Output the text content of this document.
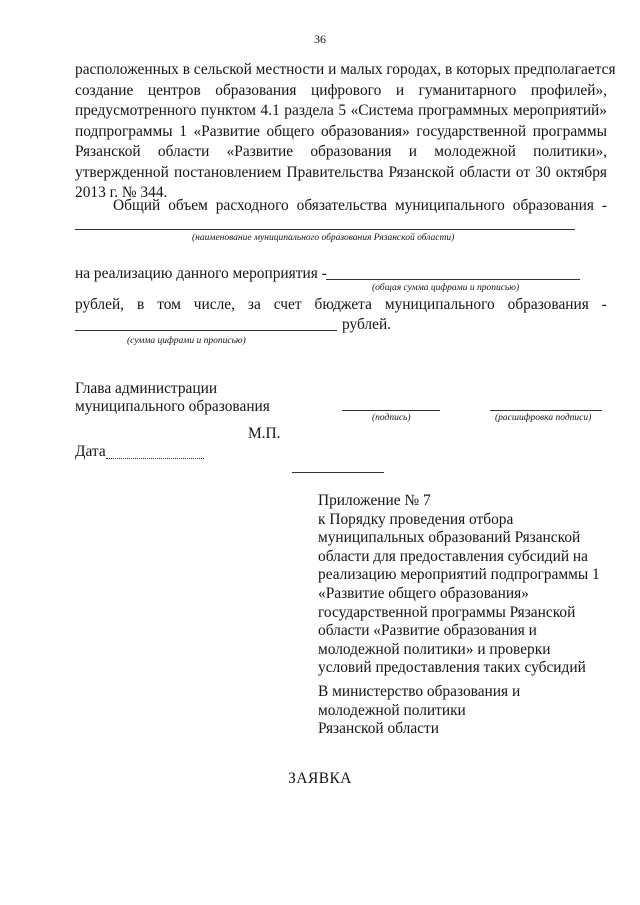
36
расположенных в сельской местности и малых городах, в которых предполагается
создание центров образования цифрового и гуманитарного профилей»,
предусмотренного пунктом 4.1 раздела 5 «Система программных мероприятий»
подпрограммы 1 «Развитие общего образования» государственной программы
Рязанской области «Развитие образования и молодежной политики»,
утвержденной постановлением Правительства Рязанской области от 30 октября
2013 г. № 344.
Общий объем расходного обязательства муниципального образования -
(наименование муниципального образования Рязанской области)
на реализацию данного мероприятия -
(общая сумма цифрами и прописью)
рублей, в том числе, за счет бюджета муниципального образования -
рублей.
(сумма цифрами и прописью)
Глава администрации
муниципального образования
(подпись)	(расшифровка подписи)
М.П.
Дата
Приложение № 7
к Порядку проведения отбора
муниципальных образований Рязанской
области для предоставления субсидий на
реализацию мероприятий подпрограммы 1
«Развитие общего образования»
государственной программы Рязанской
области «Развитие образования и
молодежной политики» и проверки
условий предоставления таких субсидий
В министерство образования и
молодежной политики
Рязанской области
ЗАЯВКА
